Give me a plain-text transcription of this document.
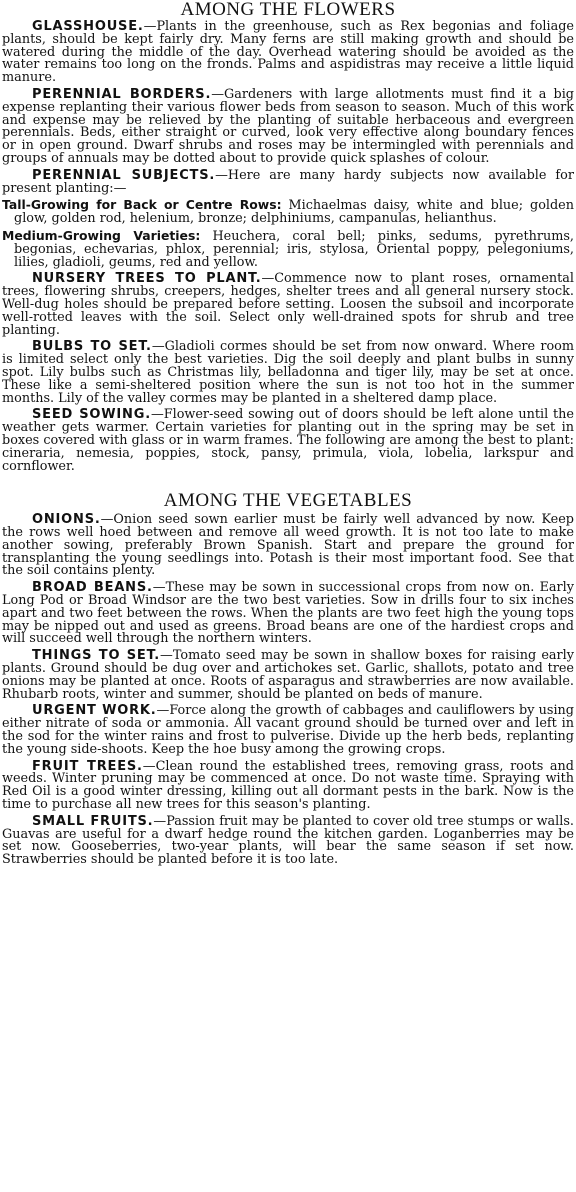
AMONG THE FLOWERS

GLASSHOUSE.—Plants in the greenhouse, such as Rex begonias and foliage plants, should be kept fairly dry. Many ferns are still making growth and should be watered during the middle of the day. Overhead watering should be avoided as the water remains too long on the fronds. Palms and aspidistras may receive a little liquid manure.

PERENNIAL BORDERS.—Gardeners with large allotments must find it a big expense replanting their various flower beds from season to season. Much of this work and expense may be relieved by the planting of suitable herbaceous and evergreen perennials. Beds, either straight or curved, look very effective along boundary fences or in open ground. Dwarf shrubs and roses may be intermingled with perennials and groups of annuals may be dotted about to provide quick splashes of colour.

PERENNIAL SUBJECTS.—Here are many hardy subjects now available for present planting:—

Tall-Growing for Back or Centre Rows: Michaelmas daisy, white and blue; golden glow, golden rod, helenium, bronze; delphiniums, campanulas, helianthus.

Medium-Growing Varieties: Heuchera, coral bell; pinks, sedums, pyrethrums, begonias, echevarias, phlox, perennial; iris, stylosa, Oriental poppy, pelegoniums, lilies, gladioli, geums, red and yellow.

NURSERY TREES TO PLANT.—Commence now to plant roses, ornamental trees, flowering shrubs, creepers, hedges, shelter trees and all general nursery stock. Well-dug holes should be prepared before setting. Loosen the subsoil and incorporate well-rotted leaves with the soil. Select only well-drained spots for shrub and tree planting.

BULBS TO SET.—Gladioli cormes should be set from now onward. Where room is limited select only the best varieties. Dig the soil deeply and plant bulbs in sunny spot. Lily bulbs such as Christmas lily, belladonna and tiger lily, may be set at once. These like a semi-sheltered position where the sun is not too hot in the summer months. Lily of the valley cormes may be planted in a sheltered damp place.

SEED SOWING.—Flower-seed sowing out of doors should be left alone until the weather gets warmer. Certain varieties for planting out in the spring may be set in boxes covered with glass or in warm frames. The following are among the best to plant: cineraria, nemesia, poppies, stock, pansy, primula, viola, lobelia, larkspur and cornflower.

AMONG THE VEGETABLES

ONIONS.—Onion seed sown earlier must be fairly well advanced by now. Keep the rows well hoed between and remove all weed growth. It is not too late to make another sowing, preferably Brown Spanish. Start and prepare the ground for transplanting the young seedlings into. Potash is their most important food. See that the soil contains plenty.

BROAD BEANS.—These may be sown in successional crops from now on. Early Long Pod or Broad Windsor are the two best varieties. Sow in drills four to six inches apart and two feet between the rows. When the plants are two feet high the young tops may be nipped out and used as greens. Broad beans are one of the hardiest crops and will succeed well through the northern winters.

THINGS TO SET.—Tomato seed may be sown in shallow boxes for raising early plants. Ground should be dug over and artichokes set. Garlic, shallots, potato and tree onions may be planted at once. Roots of asparagus and strawberries are now available. Rhubarb roots, winter and summer, should be planted on beds of manure.

URGENT WORK.—Force along the growth of cabbages and cauliflowers by using either nitrate of soda or ammonia. All vacant ground should be turned over and left in the sod for the winter rains and frost to pulverise. Divide up the herb beds, replanting the young side-shoots. Keep the hoe busy among the growing crops.

FRUIT TREES.—Clean round the established trees, removing grass, roots and weeds. Winter pruning may be commenced at once. Do not waste time. Spraying with Red Oil is a good winter dressing, killing out all dormant pests in the bark. Now is the time to purchase all new trees for this season's planting.

SMALL FRUITS.—Passion fruit may be planted to cover old tree stumps or walls. Guavas are useful for a dwarf hedge round the kitchen garden. Loganberries may be set now. Gooseberries, two-year plants, will bear the same season if set now. Strawberries should be planted before it is too late.
